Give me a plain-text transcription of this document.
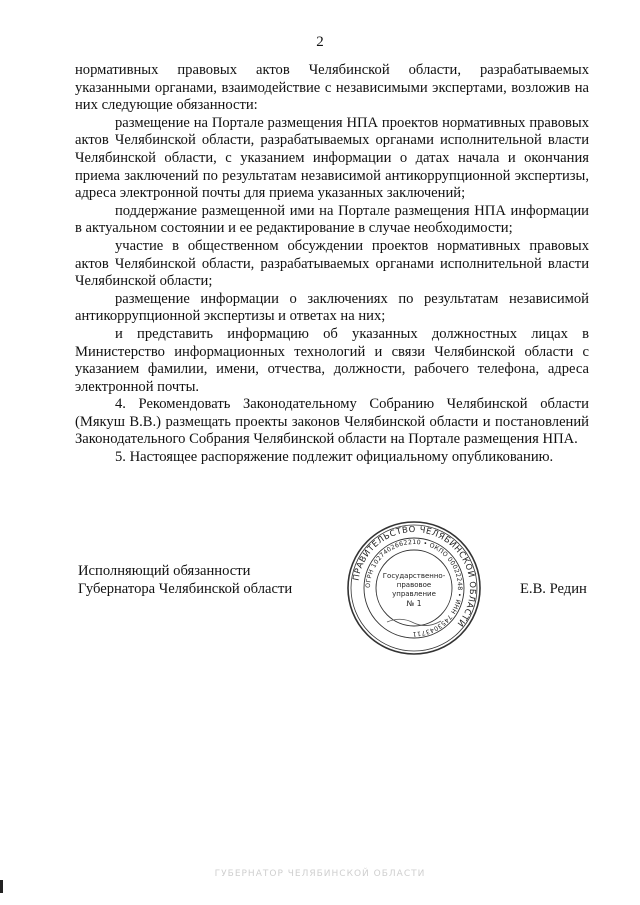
2

нормативных правовых актов Челябинской области, разрабатываемых указанными органами, взаимодействие с независимыми экспертами, возложив на них следующие обязанности:

размещение на Портале размещения НПА проектов нормативных правовых актов Челябинской области, разрабатываемых органами исполнительной власти Челябинской области, с указанием информации о датах начала и окончания приема заключений по результатам независимой антикоррупционной экспертизы, адреса электронной почты для приема указанных заключений;

поддержание размещенной ими на Портале размещения НПА информации в актуальном состоянии и ее редактирование в случае необходимости;

участие в общественном обсуждении проектов нормативных правовых актов Челябинской области, разрабатываемых органами исполнительной власти Челябинской области;

размещение информации о заключениях по результатам независимой антикоррупционной экспертизы и ответах на них;

и представить информацию об указанных должностных лицах в Министерство информационных технологий и связи Челябинской области с указанием фамилии, имени, отчества, должности, рабочего телефона, адреса электронной почты.

4. Рекомендовать Законодательному Собранию Челябинской области (Мякуш В.В.) размещать проекты законов Челябинской области и постановлений Законодательного Собрания Челябинской области на Портале размещения НПА.

5. Настоящее распоряжение подлежит официальному опубликованию.

Исполняющий обязанности
Губернатора Челябинской области
ПРАВИТЕЛЬСТВО ЧЕЛЯБИНСКОЙ ОБЛАСТИ
ОГРН 1027402662210 • ОКПО 00022248 • ИНН 7453043711
Государственно-
правовое
управление
№ 1
Е.В. Редин
ГУБЕРНАТОР ЧЕЛЯБИНСКОЙ ОБЛАСТИ
